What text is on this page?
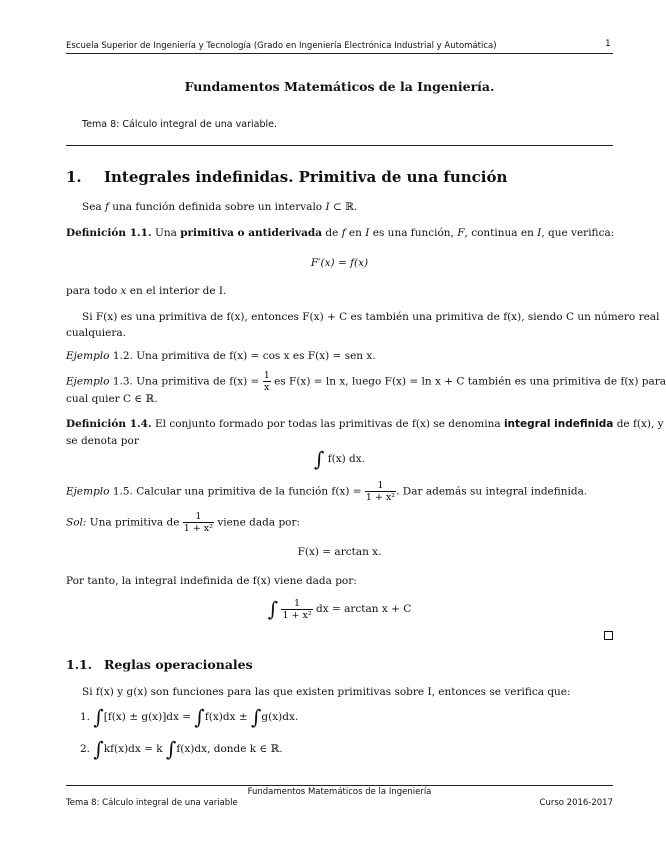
Escuela Superior de Ingeniería y Tecnología (Grado en Ingeniería Electrónica Industrial y Automática)	1
Fundamentos Matemáticos de la Ingeniería.
Tema 8: Cálculo integral de una variable.
1. Integrales indefinidas. Primitiva de una función
Sea f una función definida sobre un intervalo I ⊂ ℝ.
Definición 1.1. Una primitiva o antiderivada de f en I es una función, F, continua en I, que verifica:
F′(x) = f(x)
para todo x en el interior de I.
Si F(x) es una primitiva de f(x), entonces F(x) + C es también una primitiva de f(x), siendo C un número real
cualquiera.
Ejemplo 1.2. Una primitiva de f(x) = cos x es F(x) = sen x.
Ejemplo 1.3. Una primitiva de $f(x) = \frac{1}{x}$ es F(x) = ln x, luego F(x) = ln x + C también es una primitiva de f(x) para
cual quier C ∈ ℝ.
Definición 1.4. El conjunto formado por todas las primitivas de f(x) se denomina integral indefinida de f(x), y
se denota por
∫ f(x) dx.
Ejemplo 1.5. Calcular una primitiva de la función $f(x) = \frac{1}{\text{1 + x²}}$ . Dar además su integral indefinida.
Sol: Una primitiva de $\frac{1}{\text{1 + x²}}$ viene dada por:
F(x) = arctan x.
Por tanto, la integral indefinida de f(x) viene dada por:
∫ $\frac{1}{\text{1 + x²}}$ dx = arctan x + C
1.1. Reglas operacionales
Si f(x) y g(x) son funciones para las que existen primitivas sobre I, entonces se verifica que:
1. ∫[f(x) ± g(x)]dx = ∫f(x)dx ± ∫g(x)dx.
2. ∫kf(x)dx = k ∫f(x)dx, donde k ∈ ℝ.
Fundamentos Matemáticos de la Ingeniería
Tema 8: Cálculo integral de una variable	Curso 2016-2017
